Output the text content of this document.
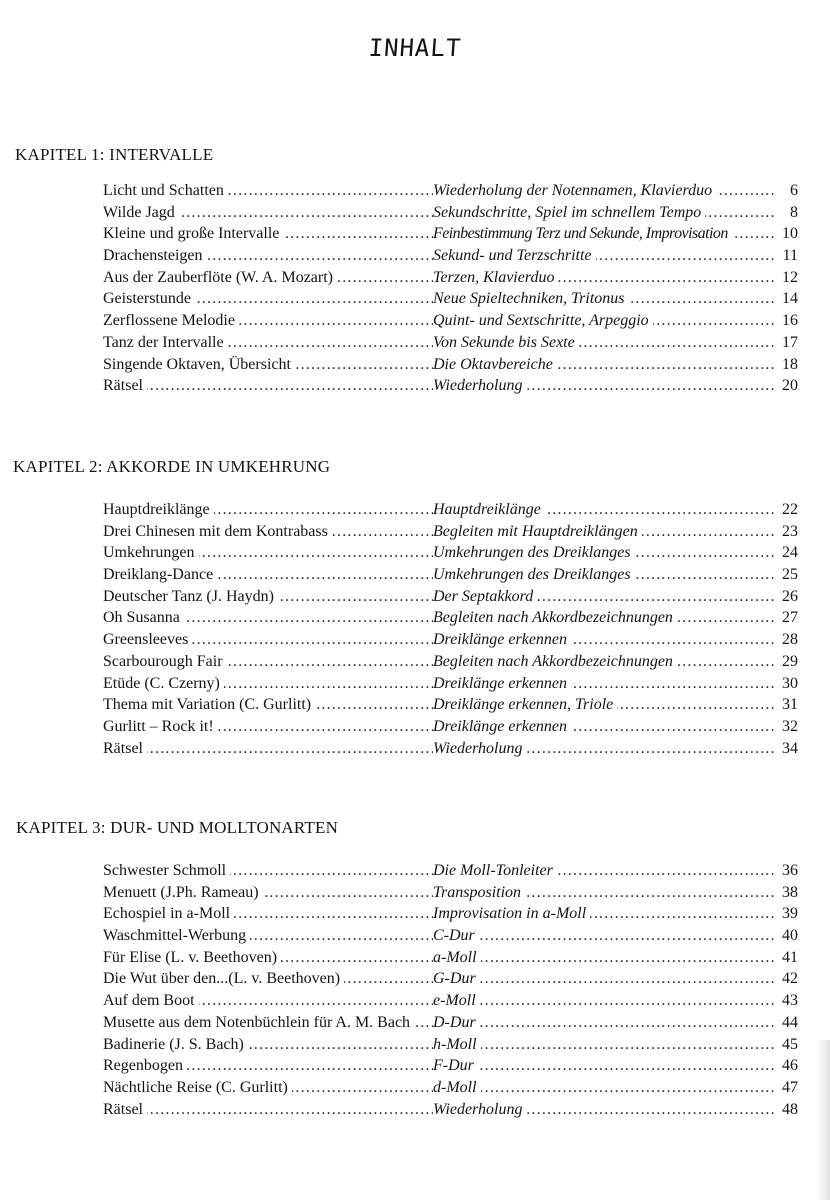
INHALT
KAPITEL 1: INTERVALLE
Licht und Schatten .....	Wiederholung der Notennamen, Klavierduo .....	6
Wilde Jagd .....	Sekundschritte, Spiel im schnellem Tempo .....	8
Kleine und große Intervalle .....	Feinbestimmung Terz und Sekunde, Improvisation .....	10
Drachensteigen .....	Sekund- und Terzschritte .....	11
Aus der Zauberflöte (W. A. Mozart) .....	Terzen, Klavierduo .....	12
Geisterstunde .....	Neue Spieltechniken, Tritonus .....	14
Zerflossene Melodie .....	Quint- und Sextschritte, Arpeggio .....	16
Tanz der Intervalle .....	Von Sekunde bis Sexte .....	17
Singende Oktaven, Übersicht .....	Die Oktavbereiche .....	18
Rätsel .....	Wiederholung .....	20
KAPITEL 2: AKKORDE IN UMKEHRUNG
Hauptdreiklänge .....	Hauptdreiklänge .....	22
Drei Chinesen mit dem Kontrabass .....	Begleiten mit Hauptdreiklängen .....	23
Umkehrungen .....	Umkehrungen des Dreiklanges .....	24
Dreiklang-Dance .....	Umkehrungen des Dreiklanges .....	25
Deutscher Tanz (J. Haydn) .....	Der Septakkord .....	26
Oh Susanna .....	Begleiten nach Akkordbezeichnungen .....	27
Greensleeves .....	Dreiklänge erkennen .....	28
Scarbourough Fair .....	Begleiten nach Akkordbezeichnungen .....	29
Etüde (C. Czerny) .....	Dreiklänge erkennen .....	30
Thema mit Variation (C. Gurlitt) .....	Dreiklänge erkennen, Triole .....	31
Gurlitt – Rock it! .....	Dreiklänge erkennen .....	32
Rätsel .....	Wiederholung .....	34
KAPITEL 3: DUR- UND MOLLTONARTEN
Schwester Schmoll .....	Die Moll-Tonleiter .....	36
Menuett (J.Ph. Rameau) .....	Transposition .....	38
Echospiel in a-Moll .....	Improvisation in a-Moll .....	39
Waschmittel-Werbung .....	C-Dur .....	40
Für Elise (L. v. Beethoven) .....	a-Moll .....	41
Die Wut über den...(L. v. Beethoven) .....	G-Dur .....	42
Auf dem Boot .....	e-Moll .....	43
Musette aus dem Notenbüchlein für A. M. Bach .....	D-Dur .....	44
Badinerie (J. S. Bach) .....	h-Moll .....	45
Regenbogen .....	F-Dur .....	46
Nächtliche Reise (C. Gurlitt) .....	d-Moll .....	47
Rätsel .....	Wiederholung .....	48
